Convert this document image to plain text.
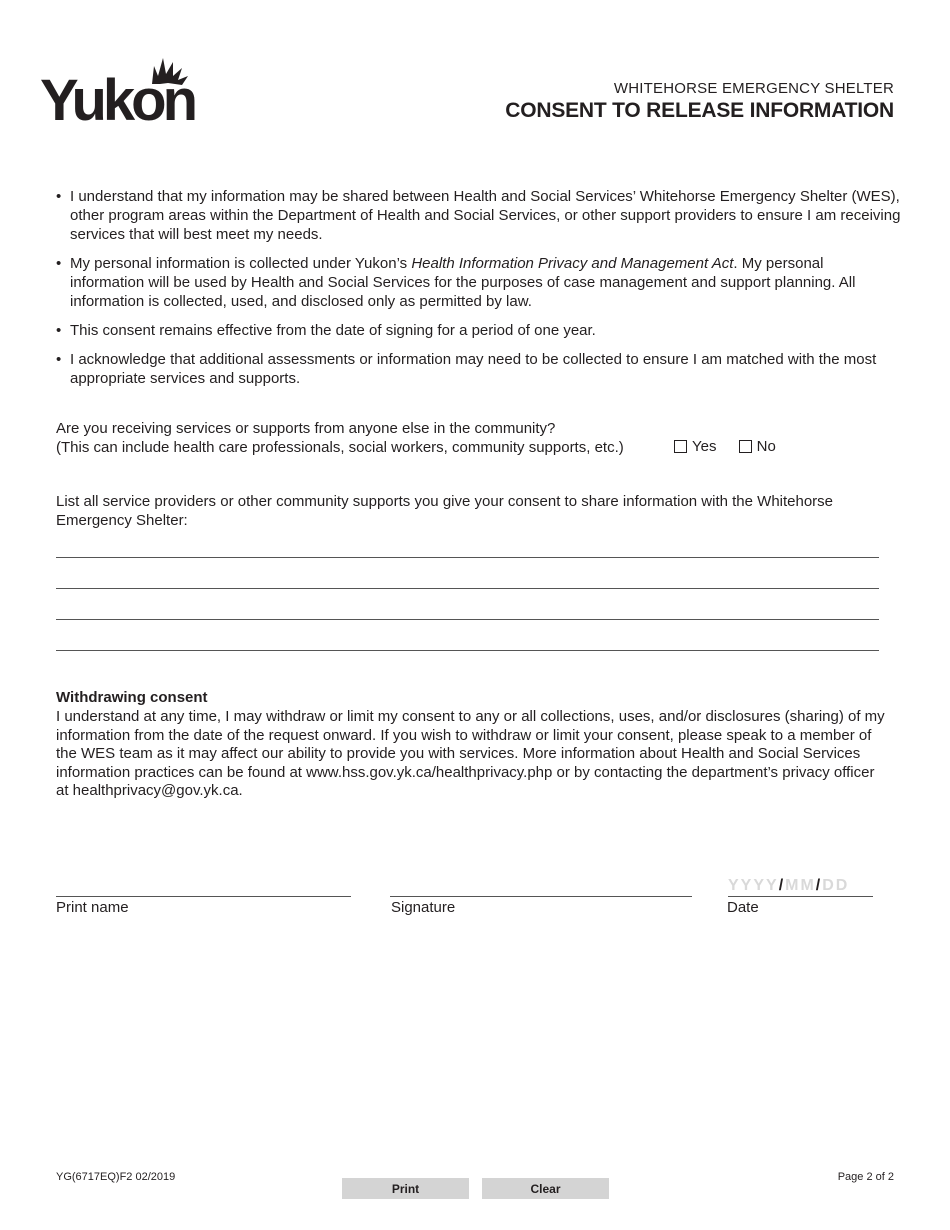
Yukon	WHITEHORSE EMERGENCY SHELTER
CONSENT TO RELEASE INFORMATION
• I understand that my information may be shared between Health and Social Services’ Whitehorse Emergency Shelter (WES), other program areas within the Department of Health and Social Services, or other support providers to ensure I am receiving services that will best meet my needs.
• My personal information is collected under Yukon’s Health Information Privacy and Management Act. My personal information will be used by Health and Social Services for the purposes of case management and support planning. All information is collected, used, and disclosed only as permitted by law.
• This consent remains effective from the date of signing for a period of one year.
• I acknowledge that additional assessments or information may need to be collected to ensure I am matched with the most appropriate services and supports.
Are you receiving services or supports from anyone else in the community?
(This can include health care professionals, social workers, community supports, etc.)	Yes
	No
List all service providers or other community supports you give your consent to share information with the Whitehorse Emergency Shelter:
Withdrawing consent
I understand at any time, I may withdraw or limit my consent to any or all collections, uses, and/or disclosures (sharing) of my information from the date of the request onward. If you wish to withdraw or limit your consent, please speak to a member of the WES team as it may affect our ability to provide you with services. More information about Health and Social Services information practices can be found at www.hss.gov.yk.ca/healthprivacy.php or by contacting the department’s privacy officer at healthprivacy@gov.yk.ca.
Print name	Signature
YYYY/MM/DD
Date
YG(6717EQ)F2 02/2019	Page 2 of 2
Print	Clear
